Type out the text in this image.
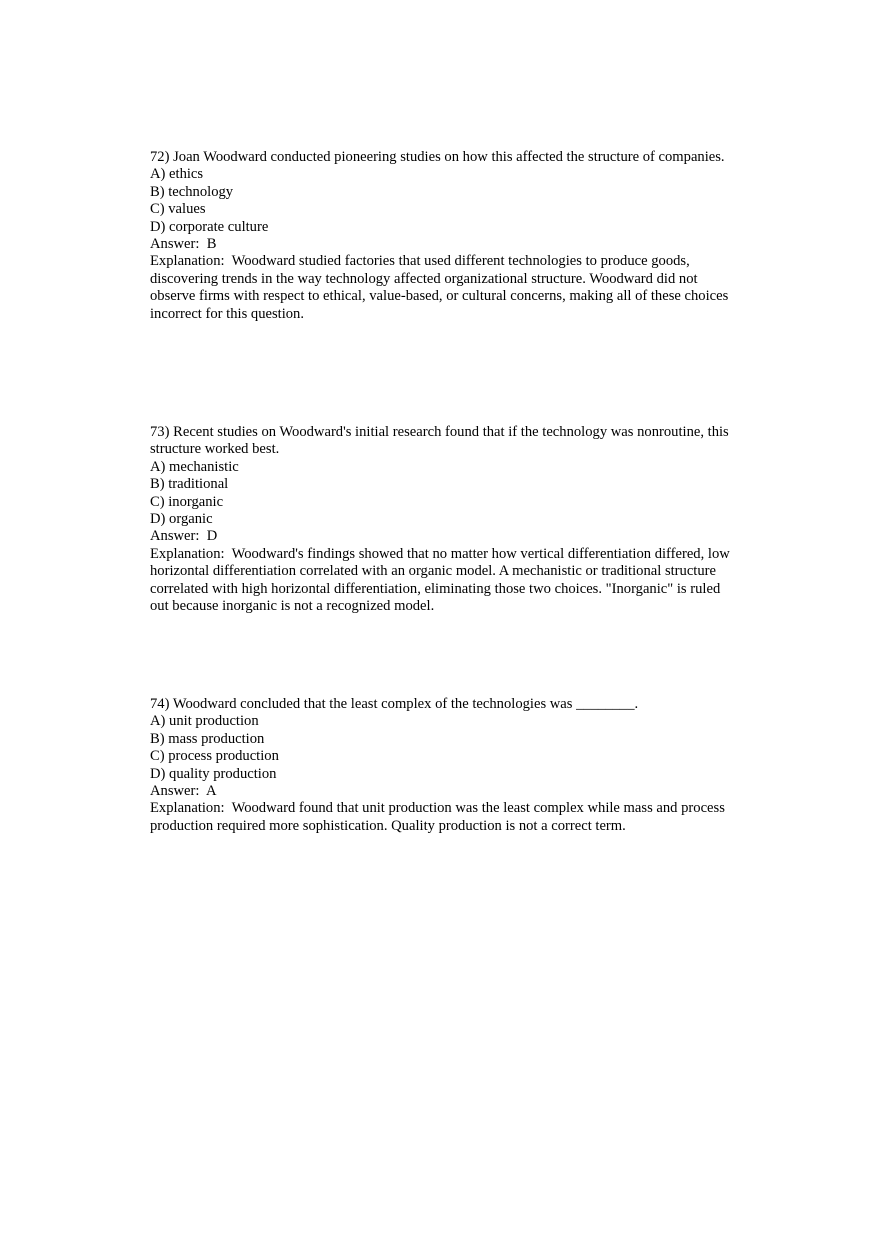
72) Joan Woodward conducted pioneering studies on how this affected the structure of companies.
A) ethics
B) technology
C) values
D) corporate culture
Answer:  B
Explanation:  Woodward studied factories that used different technologies to produce goods, discovering trends in the way technology affected organizational structure. Woodward did not observe firms with respect to ethical, value-based, or cultural concerns, making all of these choices incorrect for this question.
73) Recent studies on Woodward's initial research found that if the technology was nonroutine, this structure worked best.
A) mechanistic
B) traditional
C) inorganic
D) organic
Answer:  D
Explanation:  Woodward's findings showed that no matter how vertical differentiation differed, low horizontal differentiation correlated with an organic model. A mechanistic or traditional structure correlated with high horizontal differentiation, eliminating those two choices. "Inorganic" is ruled out because inorganic is not a recognized model.
74) Woodward concluded that the least complex of the technologies was ________.
A) unit production
B) mass production
C) process production
D) quality production
Answer:  A
Explanation:  Woodward found that unit production was the least complex while mass and process production required more sophistication. Quality production is not a correct term.
